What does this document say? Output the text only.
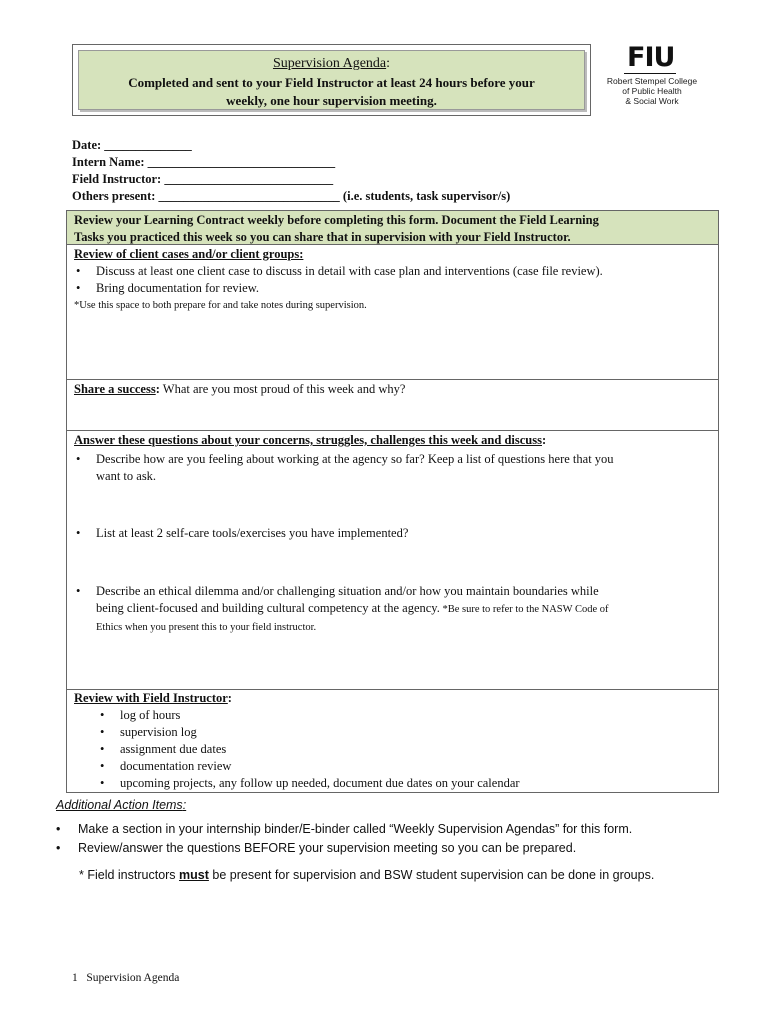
Supervision Agenda:
Completed and sent to your Field Instructor at least 24 hours before your
weekly, one hour supervision meeting.
FIU
Robert Stempel College
of Public Health
& Social Work
Date: ______________
Intern Name: ______________________________
Field Instructor: ___________________________
Others present: _____________________________ (i.e. students, task supervisor/s)
Review your Learning Contract weekly before completing this form. Document the Field Learning
Tasks you practiced this week so you can share that in supervision with your Field Instructor.
Review of client cases and/or client groups:
• Discuss at least one client case to discuss in detail with case plan and interventions (case file review).
• Bring documentation for review.
*Use this space to both prepare for and take notes during supervision.
Share a success: What are you most proud of this week and why?
Answer these questions about your concerns, struggles, challenges this week and discuss:
• Describe how are you feeling about working at the agency so far? Keep a list of questions here that you
want to ask.
• List at least 2 self-care tools/exercises you have implemented?
• Describe an ethical dilemma and/or challenging situation and/or how you maintain boundaries while
being client-focused and building cultural competency at the agency. *Be sure to refer to the NASW Code of
Ethics when you present this to your field instructor.
Review with Field Instructor:
• log of hours
• supervision log
• assignment due dates
• documentation review
• upcoming projects, any follow up needed, document due dates on your calendar
Additional Action Items:
• Make a section in your internship binder/E-binder called “Weekly Supervision Agendas” for this form.
• Review/answer the questions BEFORE your supervision meeting so you can be prepared.
* Field instructors must be present for supervision and BSW student supervision can be done in groups.
1 Supervision Agenda
